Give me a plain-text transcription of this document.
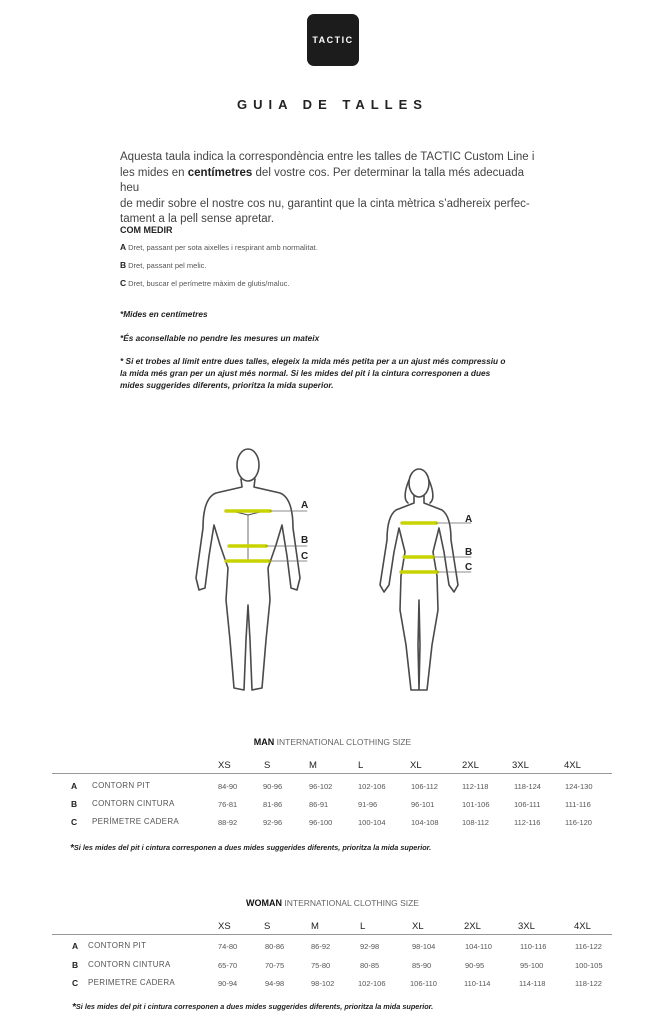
TACTIC
GUIA DE TALLES
Aquesta taula indica la correspondència entre les talles de TACTIC Custom Line i
les mides en centímetres del vostre cos. Per determinar la talla més adecuada heu
de medir sobre el nostre cos nu, garantint que la cinta mètrica s’adhereix perfec-
tament a la pell sense apretar.
COM MEDIR
A Dret, passant per sota aixelles i respirant amb normalitat.
B Dret, passant pel melic.
C Dret, buscar el perímetre màxim de glutis/maluc.
*Mides en centímetres
*És aconsellable no pendre les mesures un mateix
* Si et trobes al límit entre dues talles, elegeix la mida més petita per a un ajust més compressiu o
la mida més gran per un ajust més normal. Si les mides del pit i la cintura corresponen a dues
mides suggerides diferents, prioritza la mida superior.
A
B
C
A
B
C
MAN INTERNATIONAL CLOTHING SIZE
XS	S	M	L	XL	2XL	3XL	4XL
A CONTORN PIT	84-90	90-96	96-102	102-106	106-112	112-118	118-124	124-130
B CONTORN CINTURA	76-81	81-86	86-91	91-96	96-101	101-106	106-111	111-116
C PERÍMETRE CADERA	88-92	92-96	96-100	100-104	104-108	108-112	112-116	116-120
*Si les mides del pit i cintura corresponen a dues mides suggerides diferents, prioritza la mida superior.
WOMAN INTERNATIONAL CLOTHING SIZE
XS	S	M	L	XL	2XL	3XL	4XL
A CONTORN PIT	74-80	80-86	86-92	92-98	98-104	104-110	110-116	116-122
B CONTORN CINTURA	65-70	70-75	75-80	80-85	85-90	90-95	95-100	100-105
C PERIMETRE CADERA	90-94	94-98	98-102	102-106	106-110	110-114	114-118	118-122
*Si les mides del pit i cintura corresponen a dues mides suggerides diferents, prioritza la mida superior.
